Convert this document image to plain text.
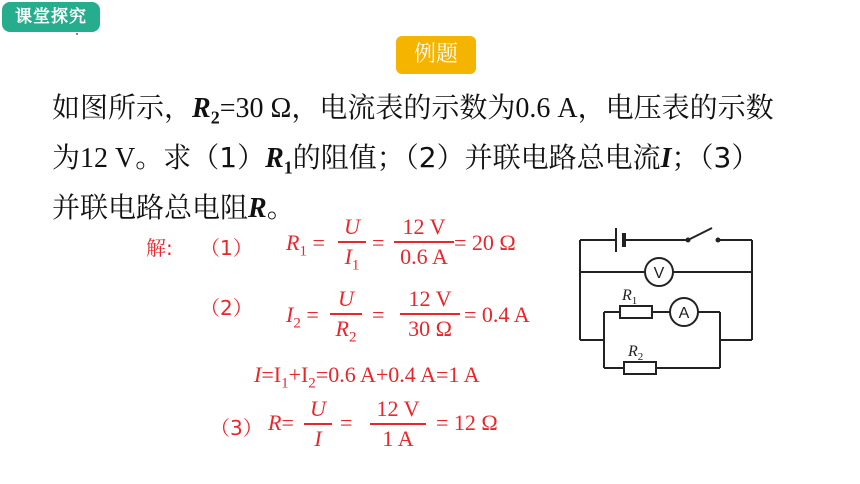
课堂探究
例题
如图所示，$R_2=30$ Ω，电流表的示数为0.6 A，电压表的示数
为12 V。求$(1)R_1$的阻值；（2）并联电路总电流I；（3）
并联电路总电阻R。
解: （1） $R_1$ =
U
$I_1$
=
12 V
0.6 A
= 20 Ω
（2） $I_2$ =
U
$R_2$
=
12 V
30 Ω
= 0.4 A
$I=I_1+I_2=0.6$ A+0.4 A=1 A
（3） R=
U
I
=
12 V
1 A
= 12 Ω
V
A
$R_1$
$R_2$
